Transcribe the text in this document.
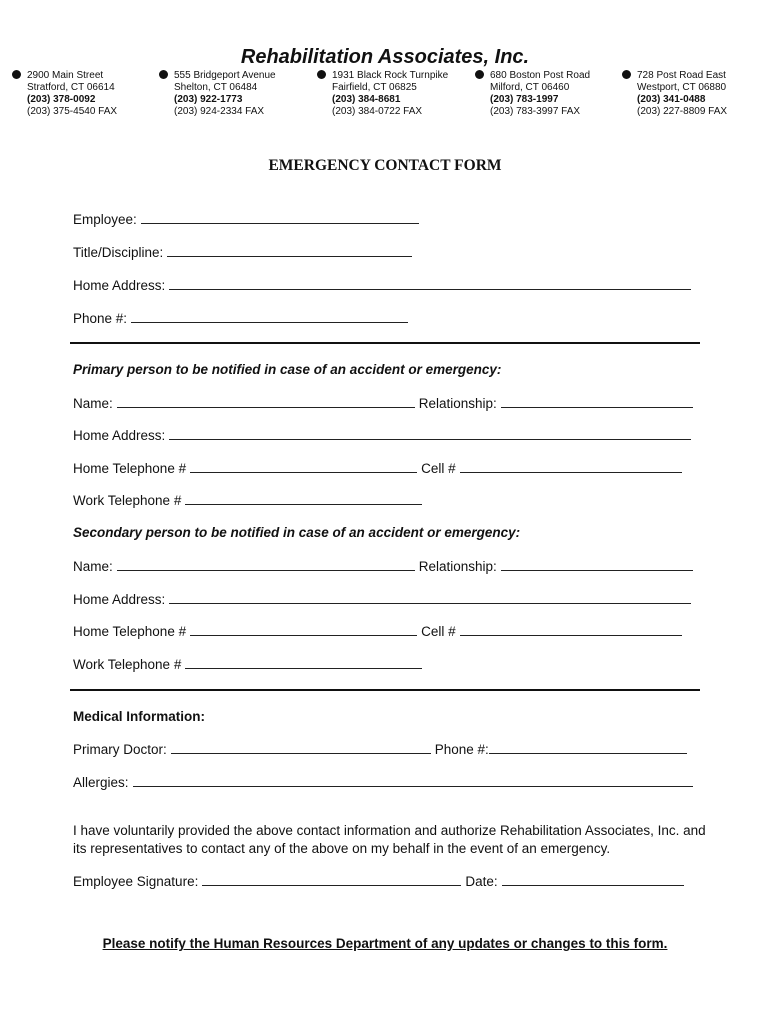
Rehabilitation Associates, Inc.
2900 Main Street
Stratford, CT 06614
(203) 378-0092
(203) 375-4540 FAX
555 Bridgeport Avenue
Shelton, CT 06484
(203) 922-1773
(203) 924-2334 FAX
1931 Black Rock Turnpike
Fairfield, CT 06825
(203) 384-8681
(203) 384-0722 FAX
680 Boston Post Road
Milford, CT 06460
(203) 783-1997
(203) 783-3997 FAX
728 Post Road East
Westport, CT 06880
(203) 341-0488
(203) 227-8809 FAX
EMERGENCY CONTACT FORM
Employee:
Title/Discipline:
Home Address:
Phone #:
Primary person to be notified in case of an accident or emergency:
Name:	Relationship:
Home Address:
Home Telephone #	Cell #
Work Telephone #
Secondary person to be notified in case of an accident or emergency:
Name:	Relationship:
Home Address:
Home Telephone #	Cell #
Work Telephone #
Medical Information:
Primary Doctor:	Phone #:
Allergies:
I have voluntarily provided the above contact information and authorize Rehabilitation Associates, Inc. and its representatives to contact any of the above on my behalf in the event of an emergency.
Employee Signature:	Date:
Please notify the Human Resources Department of any updates or changes to this form.
